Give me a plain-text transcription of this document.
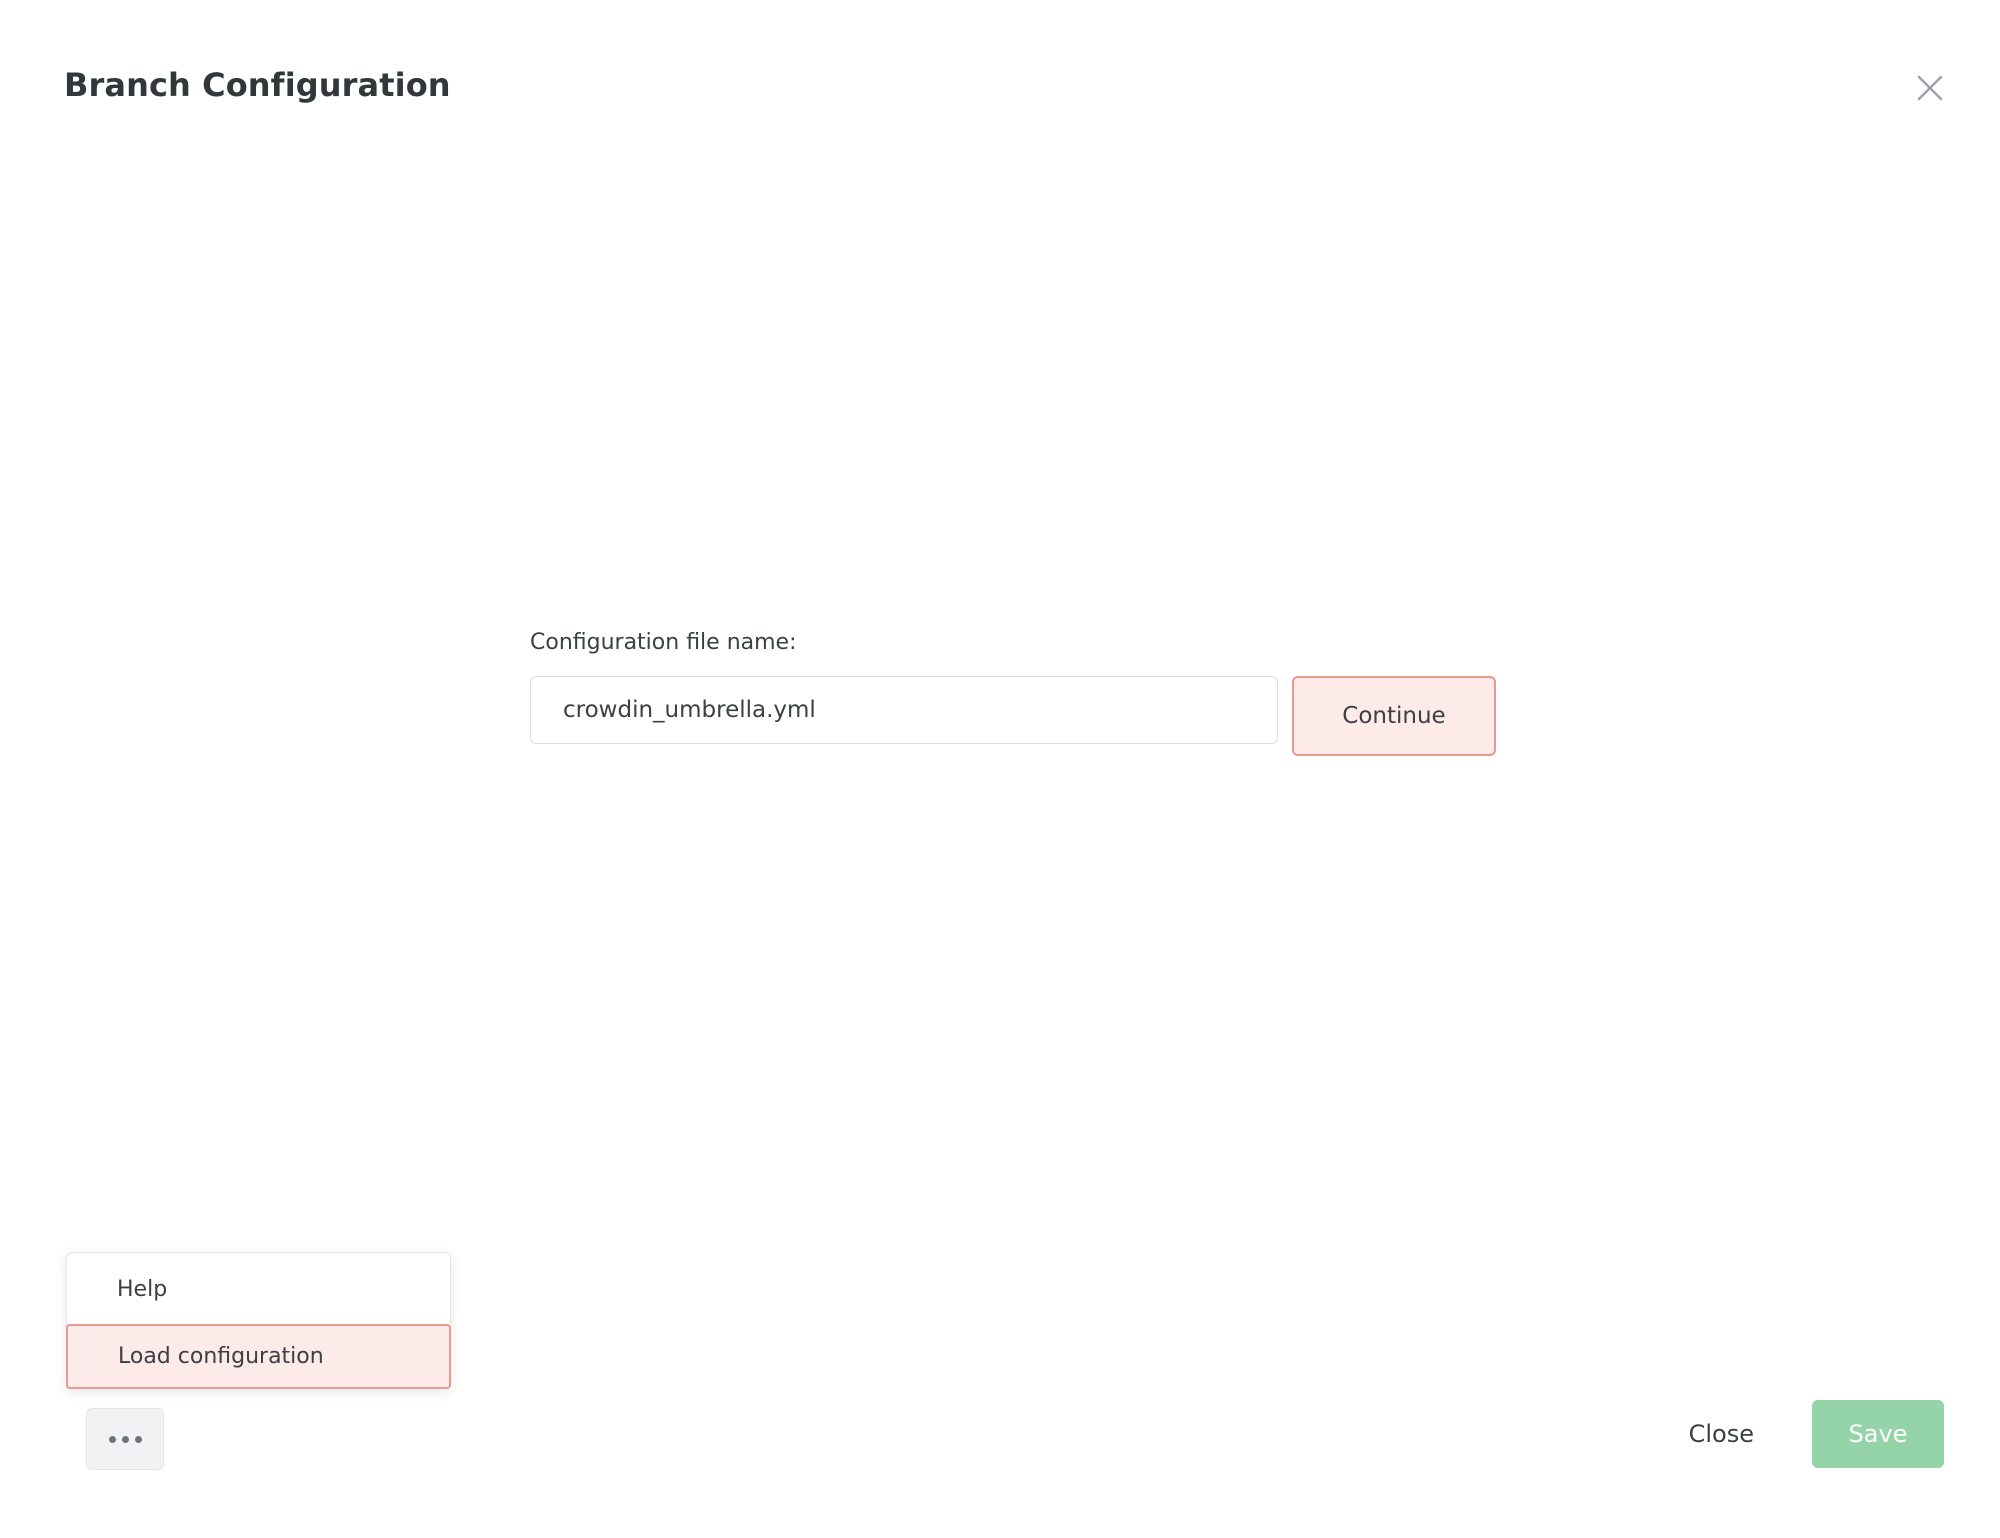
Branch Configuration
Configuration file name:
crowdin_umbrella.yml
Continue
Help
Load configuration
Close	Save
